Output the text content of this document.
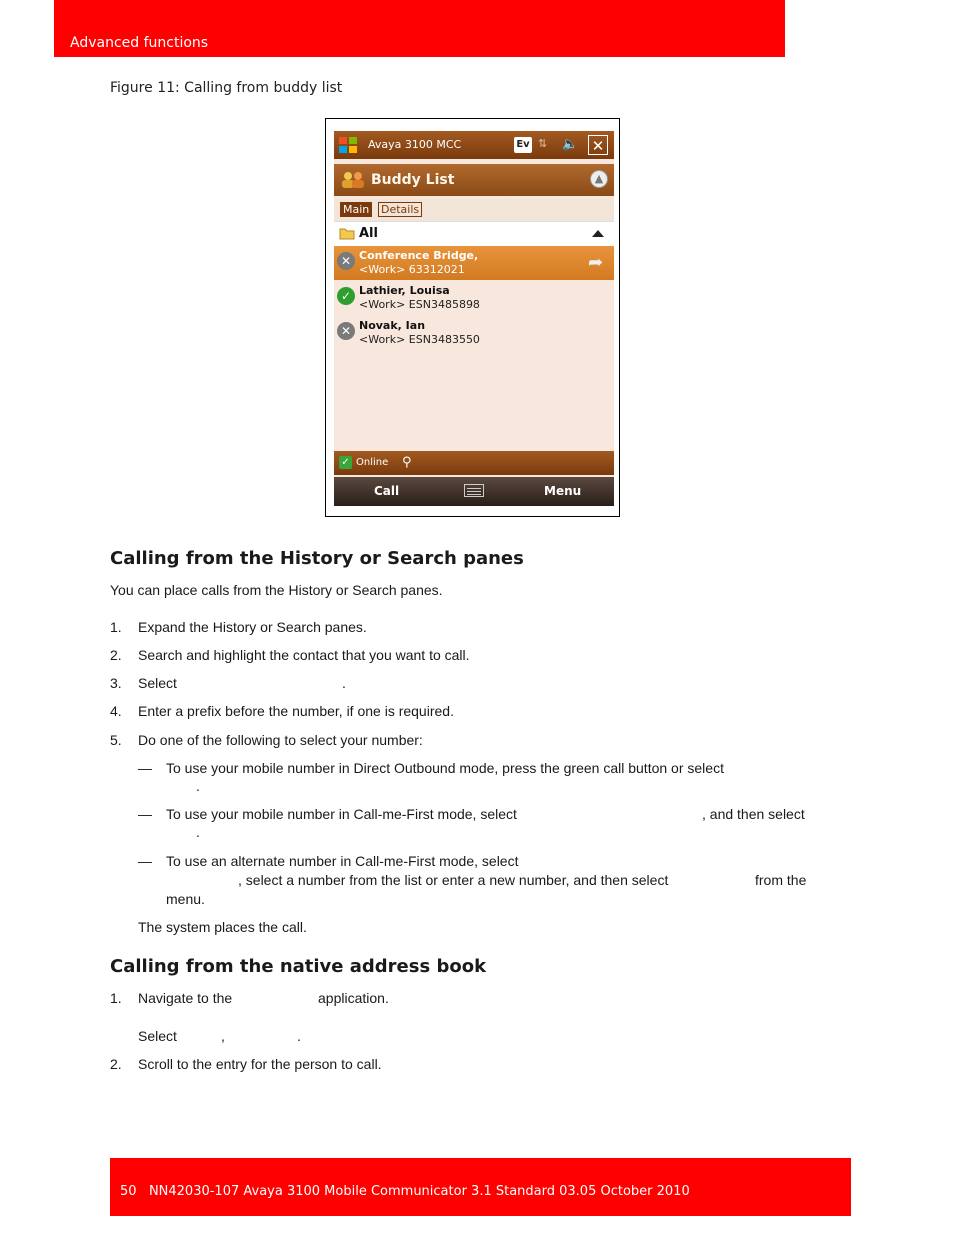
Advanced functions
Figure 11: Calling from buddy list
Avaya 3100 MCC	Ev ⇅ 🔈 ✕
Buddy List	▲
Main Details
All
✕ Conference Bridge,
<Work> 63312021	➦
✓ Lathier, Louisa
<Work> ESN3485898
✕ Novak, Ian
<Work> ESN3483550
✓ Online ⚲
Call	Menu
Calling from the History or Search panes
You can place calls from the History or Search panes.
1. Expand the History or Search panes.
2. Search and highlight the contact that you want to call.
3. Select	.
4. Enter a prefix before the number, if one is required.
5. Do one of the following to select your number:
— To use your mobile number in Direct Outbound mode, press the green call button or select
.
— To use your mobile number in Call-me-First mode, select	, and then select
.
— To use an alternate number in Call-me-First mode, select
, select a number from the list or enter a new number, and then select	from the
menu.
The system places the call.
Calling from the native address book
1. Navigate to the	application.
Select	,	.
2. Scroll to the entry for the person to call.
50   NN42030-107 Avaya 3100 Mobile Communicator 3.1 Standard 03.05 October 2010
